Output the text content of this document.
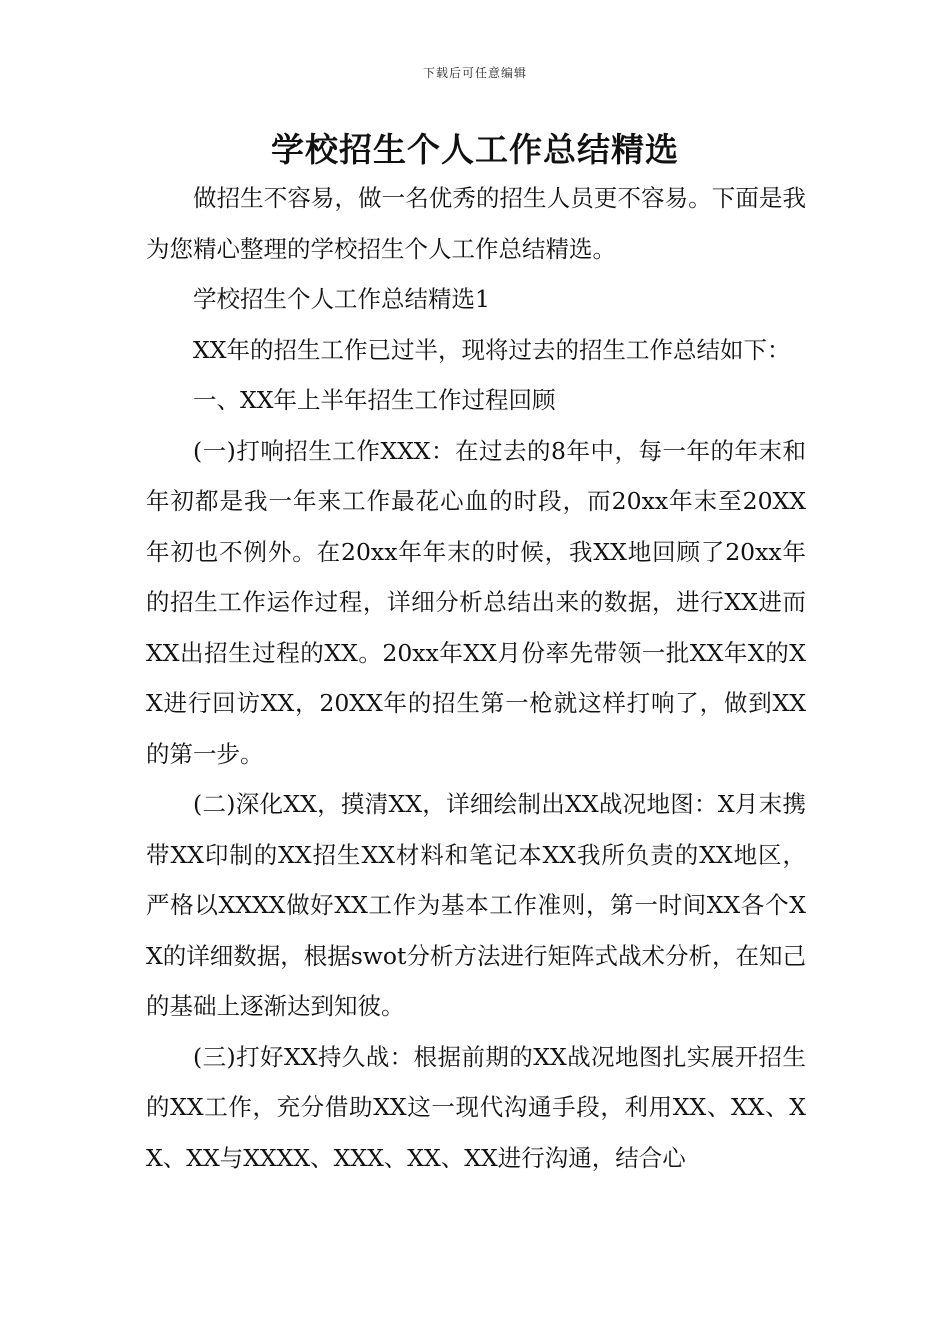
下载后可任意编辑
学校招生个人工作总结精选

做招生不容易，做一名优秀的招生人员更不容易。下面是我为您精心整理的学校招生个人工作总结精选。

学校招生个人工作总结精选1

XX年的招生工作已过半，现将过去的招生工作总结如下：

一、XX年上半年招生工作过程回顾

(一)打响招生工作XXX：在过去的8年中，每一年的年末和年初都是我一年来工作最花心血的时段，而20xx年末至20XX年初也不例外。在20xx年年末的时候，我XX地回顾了20xx年的招生工作运作过程，详细分析总结出来的数据，进行XX进而XX出招生过程的XX。20xx年XX月份率先带领一批XX年X的XX进行回访XX，20XX年的招生第一枪就这样打响了，做到XX的第一步。

(二)深化XX，摸清XX，详细绘制出XX战况地图：X月末携带XX印制的XX招生XX材料和笔记本XX我所负责的XX地区，严格以XXXX做好XX工作为基本工作准则，第一时间XX各个XX的详细数据，根据swot分析方法进行矩阵式战术分析，在知己的基础上逐渐达到知彼。

(三)打好XX持久战：根据前期的XX战况地图扎实展开招生的XX工作，充分借助XX这一现代沟通手段，利用XX、XX、XX、XX与XXXX、XXX、XX、XX进行沟通，结合心
